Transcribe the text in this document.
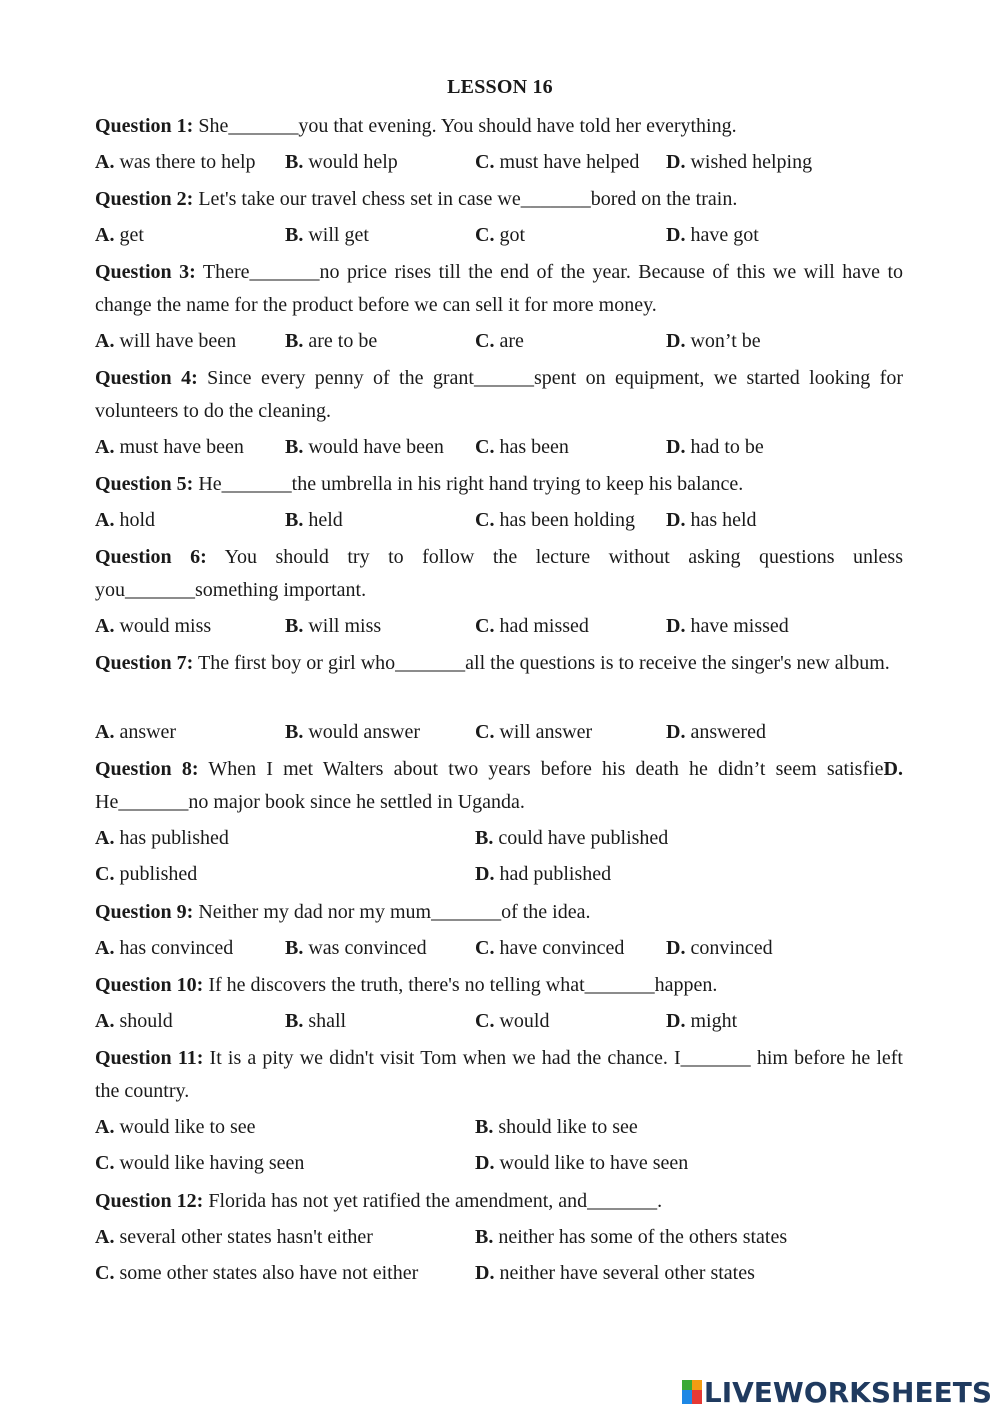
LESSON 16
Question 1: She_______you that evening. You should have told her everything.
A. was there to help B. would help	C. must have helped D. wished helping
Question 2: Let's take our travel chess set in case we_______bored on the train.
A. get	B. will get	C. got	D. have got
Question 3: There_______no price rises till the end of the year. Because of this we will have to change the name for the product before we can sell it for more money.
A. will have been B. are to be	C. are	D. won’t be
Question 4: Since every penny of the grant______spent on equipment, we started looking for volunteers to do the cleaning.
A. must have been B. would have been C. has been	D. had to be
Question 5: He_______the umbrella in his right hand trying to keep his balance.
A. hold	B. held	C. has been holding D. has held
Question 6: You should try to follow the lecture without asking questions unless you_______something important.
A. would miss	B. will miss	C. had missed	D. have missed
Question 7: The first boy or girl who_______all the questions is to receive the singer's new album.
A. answer	B. would answer	C. will answer	D. answered
Question 8: When I met Walters about two years before his death he didn’t seem satisfieD. He_______no major book since he settled in Uganda.
A. has published	B. could have published
C. published	D. had published
Question 9: Neither my dad nor my mum_______of the idea.
A. has convinced	B. was convinced C. have convinced D. convinced
Question 10: If he discovers the truth, there's no telling what_______happen.
A. should	B. shall	C. would	D. might
Question 11: It is a pity we didn't visit Tom when we had the chance. I_______ him before he left the country.
A. would like to see	B. should like to see
C. would like having seen	D. would like to have seen
Question 12: Florida has not yet ratified the amendment, and_______.
A. several other states hasn't either	B. neither has some of the others states
C. some other states also have not either	D. neither have several other states
LIVEWORKSHEETS
